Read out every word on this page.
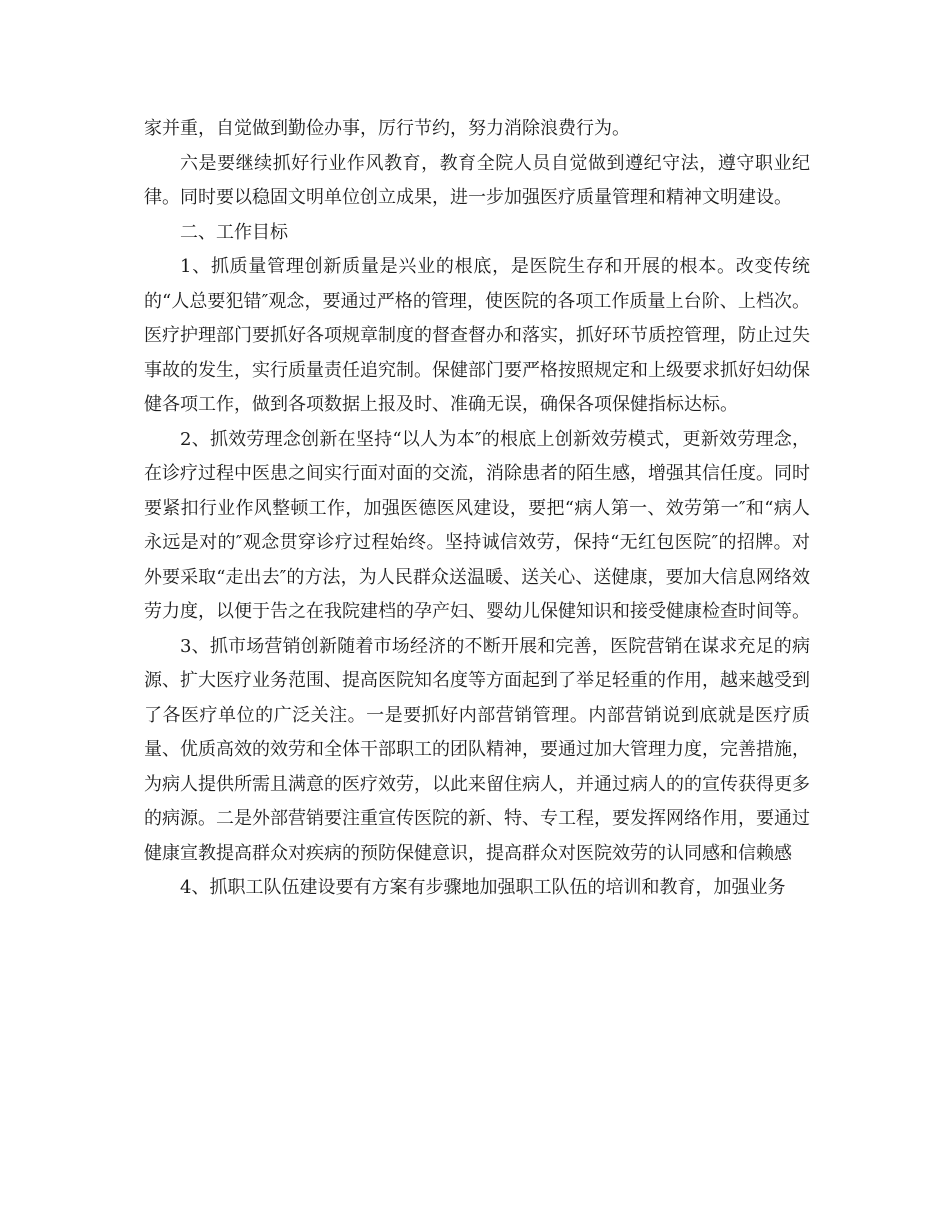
家并重，自觉做到勤俭办事，厉行节约，努力消除浪费行为。

六是要继续抓好行业作风教育，教育全院人员自觉做到遵纪守法，遵守职业纪律。同时要以稳固文明单位创立成果，进一步加强医疗质量管理和精神文明建设。

二、工作目标

1、抓质量管理创新质量是兴业的根底，是医院生存和开展的根本。改变传统的“人总要犯错″观念，要通过严格的管理，使医院的各项工作质量上台阶、上档次。医疗护理部门要抓好各项规章制度的督查督办和落实，抓好环节质控管理，防止过失事故的发生，实行质量责任追究制。保健部门要严格按照规定和上级要求抓好妇幼保健各项工作，做到各项数据上报及时、准确无误，确保各项保健指标达标。

2、抓效劳理念创新在坚持“以人为本″的根底上创新效劳模式，更新效劳理念，在诊疗过程中医患之间实行面对面的交流，消除患者的陌生感，增强其信任度。同时要紧扣行业作风整顿工作，加强医德医风建设，要把“病人第一、效劳第一″和“病人永远是对的″观念贯穿诊疗过程始终。坚持诚信效劳，保持“无红包医院″的招牌。对外要采取“走出去″的方法，为人民群众送温暖、送关心、送健康，要加大信息网络效劳力度，以便于告之在我院建档的孕产妇、婴幼儿保健知识和接受健康检查时间等。

3、抓市场营销创新随着市场经济的不断开展和完善，医院营销在谋求充足的病源、扩大医疗业务范围、提高医院知名度等方面起到了举足轻重的作用，越来越受到了各医疗单位的广泛关注。一是要抓好内部营销管理。内部营销说到底就是医疗质量、优质高效的效劳和全体干部职工的团队精神，要通过加大管理力度，完善措施，为病人提供所需且满意的医疗效劳，以此来留住病人，并通过病人的的宣传获得更多的病源。二是外部营销要注重宣传医院的新、特、专工程，要发挥网络作用，要通过健康宣教提高群众对疾病的预防保健意识，提高群众对医院效劳的认同感和信赖感

4、抓职工队伍建设要有方案有步骤地加强职工队伍的培训和教育，加强业务
